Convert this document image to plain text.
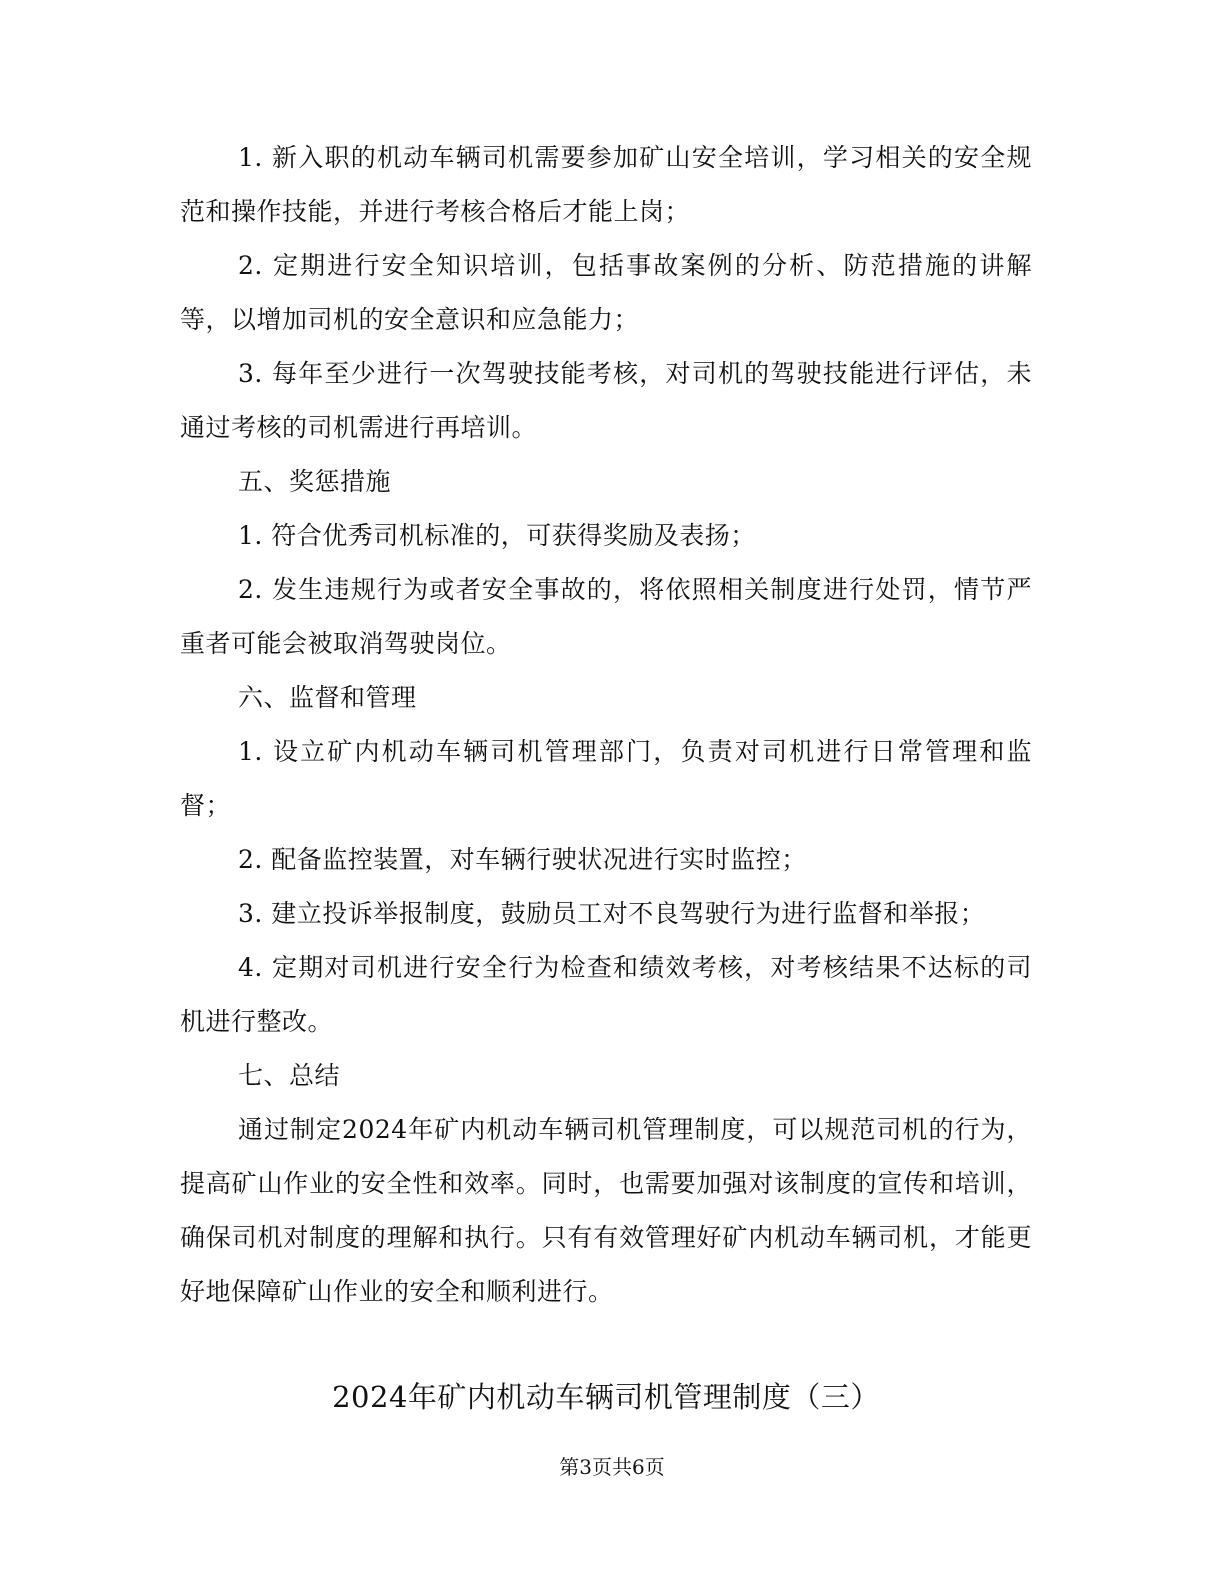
1. 新入职的机动车辆司机需要参加矿山安全培训，学习相关的安全规范和操作技能，并进行考核合格后才能上岗；

2. 定期进行安全知识培训，包括事故案例的分析、防范措施的讲解等，以增加司机的安全意识和应急能力；

3. 每年至少进行一次驾驶技能考核，对司机的驾驶技能进行评估，未通过考核的司机需进行再培训。

五、奖惩措施

1. 符合优秀司机标准的，可获得奖励及表扬；

2. 发生违规行为或者安全事故的，将依照相关制度进行处罚，情节严重者可能会被取消驾驶岗位。

六、监督和管理

1. 设立矿内机动车辆司机管理部门，负责对司机进行日常管理和监督；

2. 配备监控装置，对车辆行驶状况进行实时监控；

3. 建立投诉举报制度，鼓励员工对不良驾驶行为进行监督和举报；

4. 定期对司机进行安全行为检查和绩效考核，对考核结果不达标的司机进行整改。

七、总结

通过制定2024年矿内机动车辆司机管理制度，可以规范司机的行为，提高矿山作业的安全性和效率。同时，也需要加强对该制度的宣传和培训，确保司机对制度的理解和执行。只有有效管理好矿内机动车辆司机，才能更好地保障矿山作业的安全和顺利进行。

2024年矿内机动车辆司机管理制度（三）
第3页共6页
